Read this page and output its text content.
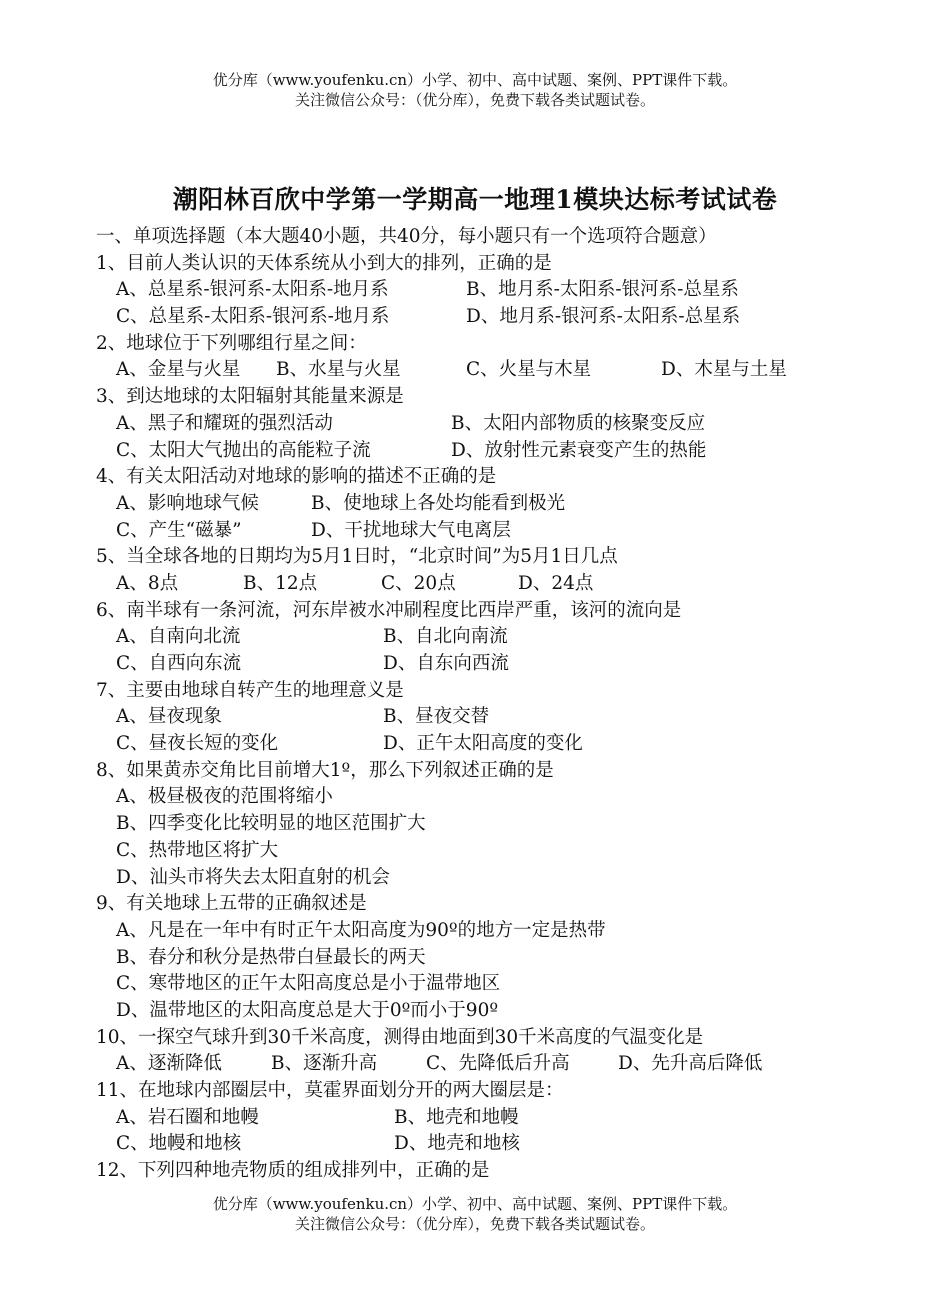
优分库（www.youfenku.cn）小学、初中、高中试题、案例、PPT课件下载。
关注微信公众号：（优分库），免费下载各类试题试卷。
潮阳林百欣中学第一学期高一地理1模块达标考试试卷
一、单项选择题（本大题40小题，共40分，每小题只有一个选项符合题意）
1、目前人类认识的天体系统从小到大的排列，正确的是
A、总星系-银河系-太阳系-地月系	B、地月系-太阳系-银河系-总星系
C、总星系-太阳系-银河系-地月系	D、地月系-银河系-太阳系-总星系
2、地球位于下列哪组行星之间：
A、金星与火星 B、水星与火星	C、火星与木星	D、木星与土星
3、到达地球的太阳辐射其能量来源是
A、黑子和耀斑的强烈活动	B、太阳内部物质的核聚变反应
C、太阳大气抛出的高能粒子流	D、放射性元素衰变产生的热能
4、有关太阳活动对地球的影响的描述不正确的是
A、影响地球气候	B、使地球上各处均能看到极光
C、产生“磁暴”	D、干扰地球大气电离层
5、当全球各地的日期均为5月1日时，“北京时间”为5月1日几点
A、8点	B、12点	C、20点	D、24点
6、南半球有一条河流，河东岸被水冲刷程度比西岸严重，该河的流向是
A、自南向北流	B、自北向南流
C、自西向东流	D、自东向西流
7、主要由地球自转产生的地理意义是
A、昼夜现象	B、昼夜交替
C、昼夜长短的变化	D、正午太阳高度的变化
8、如果黄赤交角比目前增大1º，那么下列叙述正确的是
A、极昼极夜的范围将缩小
B、四季变化比较明显的地区范围扩大
C、热带地区将扩大
D、汕头市将失去太阳直射的机会
9、有关地球上五带的正确叙述是
A、凡是在一年中有时正午太阳高度为90º的地方一定是热带
B、春分和秋分是热带白昼最长的两天
C、寒带地区的正午太阳高度总是小于温带地区
D、温带地区的太阳高度总是大于0º而小于90º
10、一探空气球升到30千米高度，测得由地面到30千米高度的气温变化是
A、逐渐降低	B、逐渐升高	C、先降低后升高	D、先升高后降低
11、在地球内部圈层中，莫霍界面划分开的两大圈层是：
A、岩石圈和地幔	B、地壳和地幔
C、地幔和地核	D、地壳和地核
12、下列四种地壳物质的组成排列中，正确的是
优分库（www.youfenku.cn）小学、初中、高中试题、案例、PPT课件下载。
关注微信公众号：（优分库），免费下载各类试题试卷。
